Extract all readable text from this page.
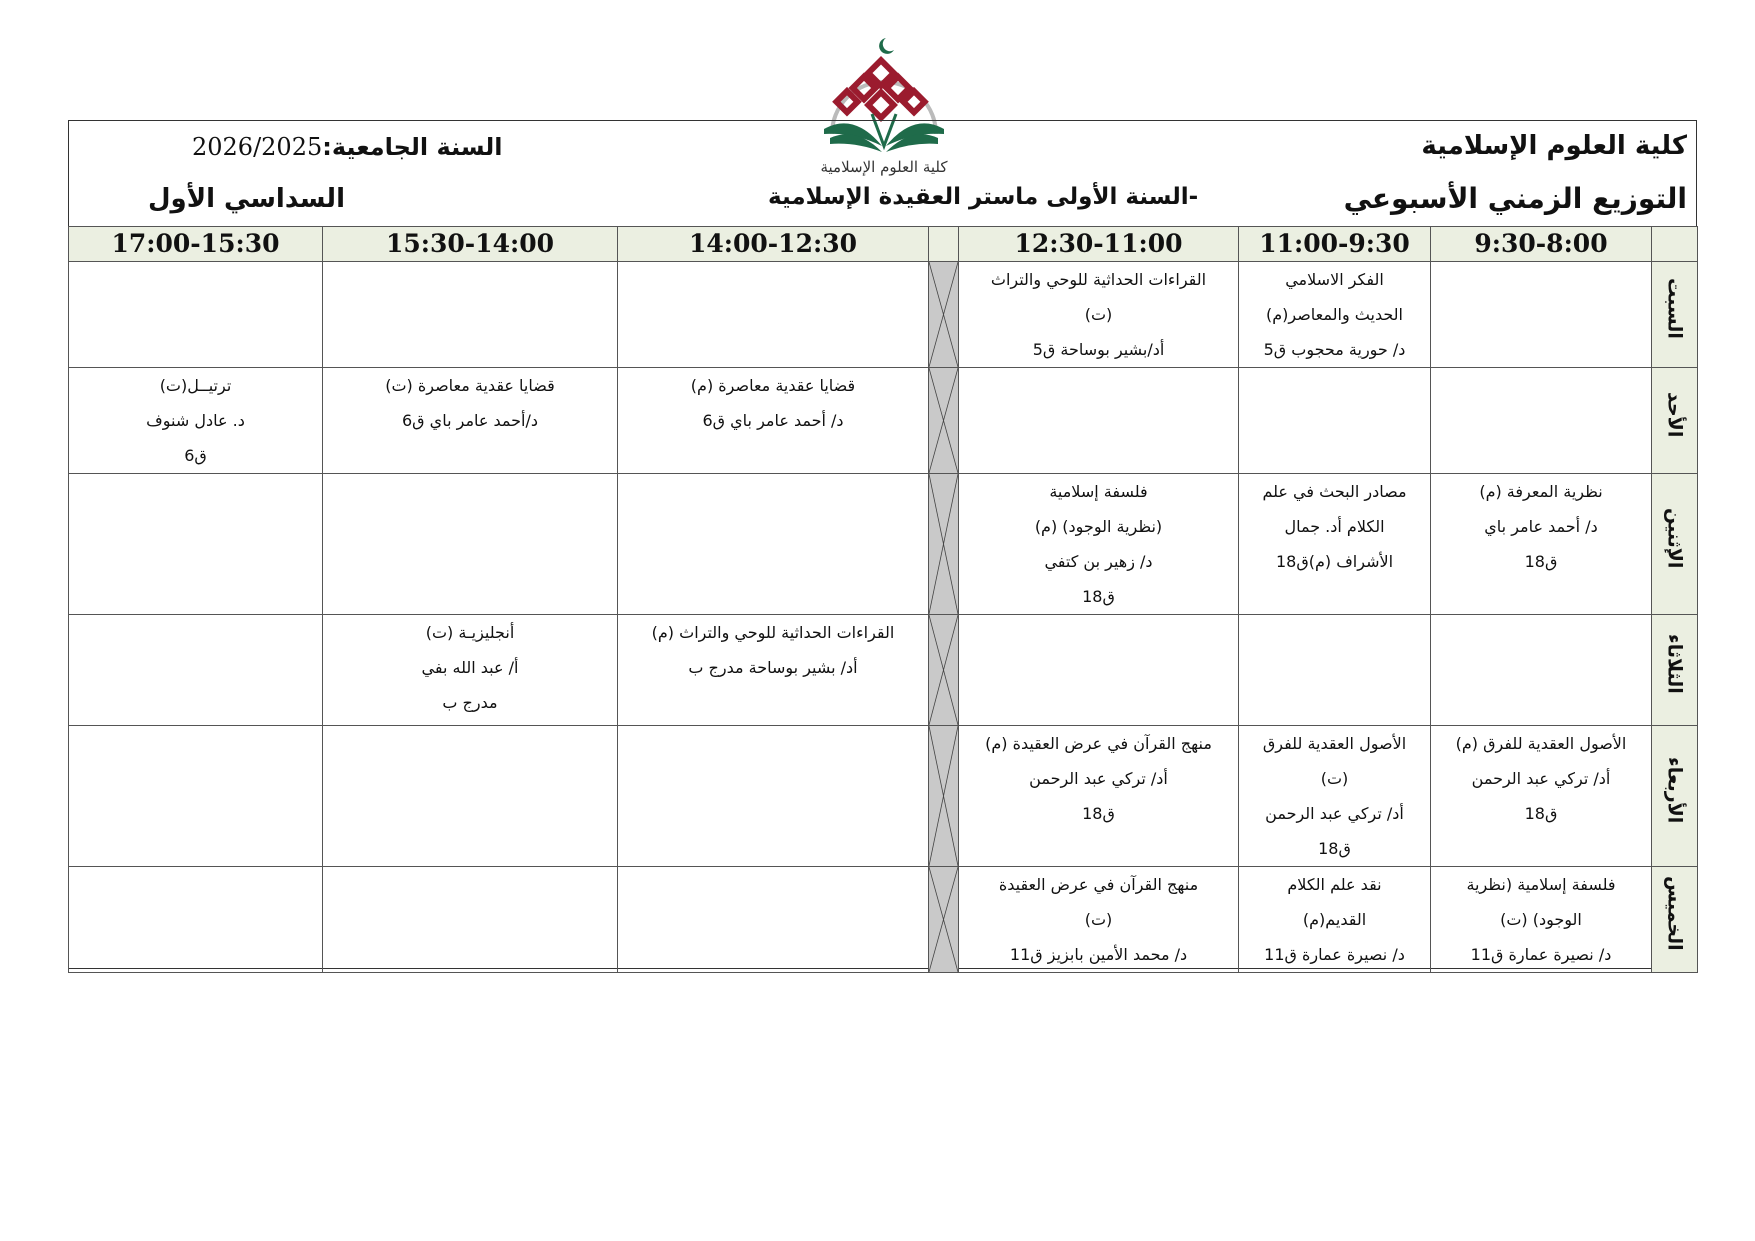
كلية العلوم الإسلامية
كلية العلوم الإسلامية
التوزيع الزمني الأسبوعي
السنة الجامعية:2026/2025
السداسي الأول	-السنة الأولى ماستر العقيدة الإسلامية
	9:30-8:00	11:00-9:30	12:30-11:00		14:00-12:30	15:30-14:00	17:00-15:30
السبت		الفكر الاسلامي
الحديث والمعاصر(م)
د/ حورية محجوب ق5	القراءات الحداثية للوحي والتراث
(ت)
أد/بشير بوساحة ق5

الأحد					قضايا عقدية معاصرة (م)
د/ أحمد عامر باي ق6	قضايا عقدية معاصرة (ت)
د/أحمد عامر باي ق6	ترتيــل(ت)
د. عادل شنوف
ق6

الإثنين	نظرية المعرفة (م)
د/ أحمد عامر باي
ق18	مصادر البحث في علم
الكلام أد. جمال
الأشراف (م)ق18	فلسفة إسلامية
(نظرية الوجود) (م)
د/ زهير بن كتفي
ق18

الثلاثاء					القراءات الحداثية للوحي والتراث (م)
أد/ بشير بوساحة مدرج ب	أنجليزيـة (ت)
أ/ عبد الله بفي
مدرج ب	

الأربعاء	الأصول العقدية للفرق (م)
أد/ تركي عبد الرحمن
ق18	الأصول العقدية للفرق
(ت)
أد/ تركي عبد الرحمن
ق18	منهج القرآن في عرض العقيدة (م)
أد/ تركي عبد الرحمن
ق18

الخميس	فلسفة إسلامية (نظرية
الوجود) (ت)
د/ نصيرة عمارة ق11	نقد علم الكلام
القديم(م)
د/ نصيرة عمارة ق11	منهج القرآن في عرض العقيدة
(ت)
د/ محمد الأمين بابزيز ق11
